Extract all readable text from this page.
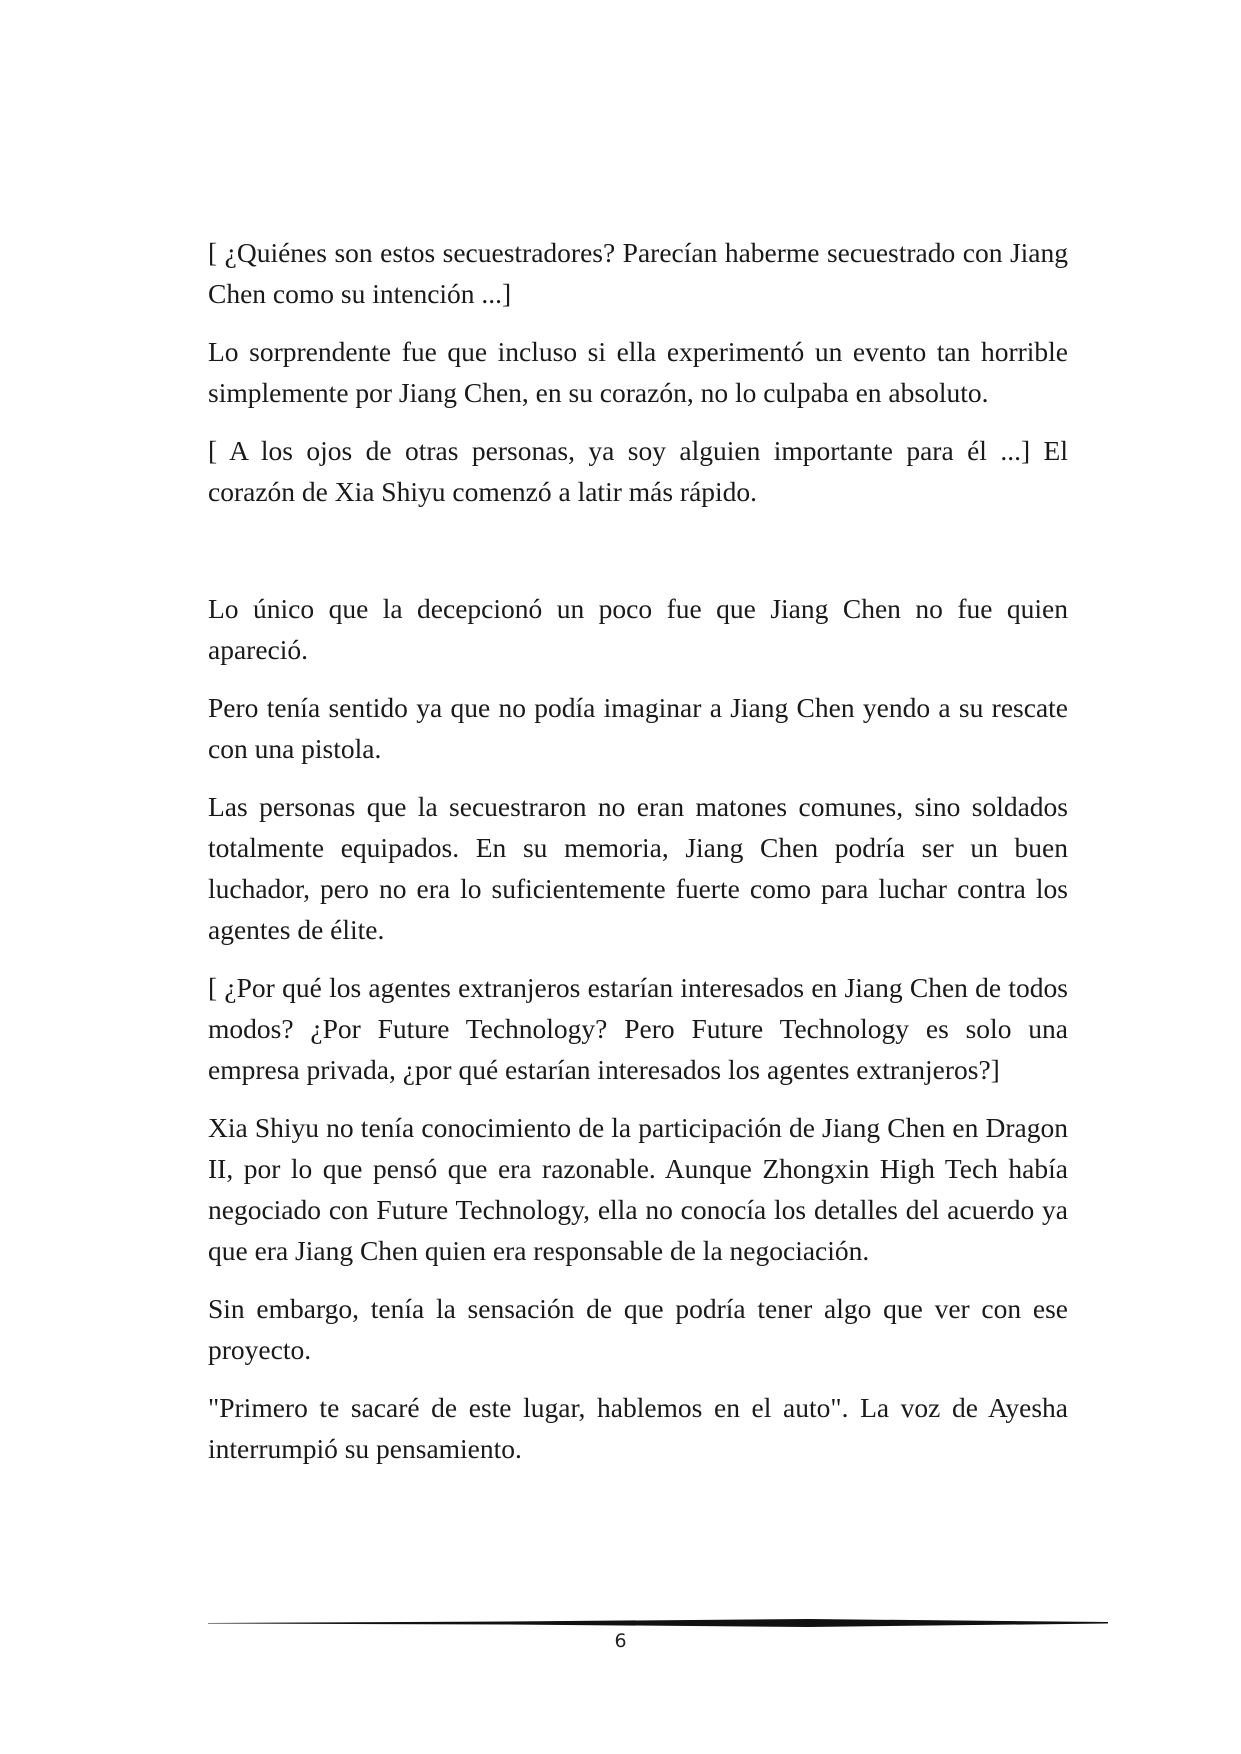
[ ¿Quiénes son estos secuestradores? Parecían haberme secuestrado con Jiang Chen como su intención ...]

Lo sorprendente fue que incluso si ella experimentó un evento tan horrible simplemente por Jiang Chen, en su corazón, no lo culpaba en absoluto.

[ A los ojos de otras personas, ya soy alguien importante para él ...] El corazón de Xia Shiyu comenzó a latir más rápido.

Lo único que la decepcionó un poco fue que Jiang Chen no fue quien apareció.

Pero tenía sentido ya que no podía imaginar a Jiang Chen yendo a su rescate con una pistola.

Las personas que la secuestraron no eran matones comunes, sino soldados totalmente equipados. En su memoria, Jiang Chen podría ser un buen luchador, pero no era lo suficientemente fuerte como para luchar contra los agentes de élite.

[ ¿Por qué los agentes extranjeros estarían interesados en Jiang Chen de todos modos? ¿Por Future Technology? Pero Future Technology es solo una empresa privada, ¿por qué estarían interesados los agentes extranjeros?]

Xia Shiyu no tenía conocimiento de la participación de Jiang Chen en Dragon II, por lo que pensó que era razonable. Aunque Zhongxin High Tech había negociado con Future Technology, ella no conocía los detalles del acuerdo ya que era Jiang Chen quien era responsable de la negociación.

Sin embargo, tenía la sensación de que podría tener algo que ver con ese proyecto.

"Primero te sacaré de este lugar, hablemos en el auto". La voz de Ayesha interrumpió su pensamiento.

6
